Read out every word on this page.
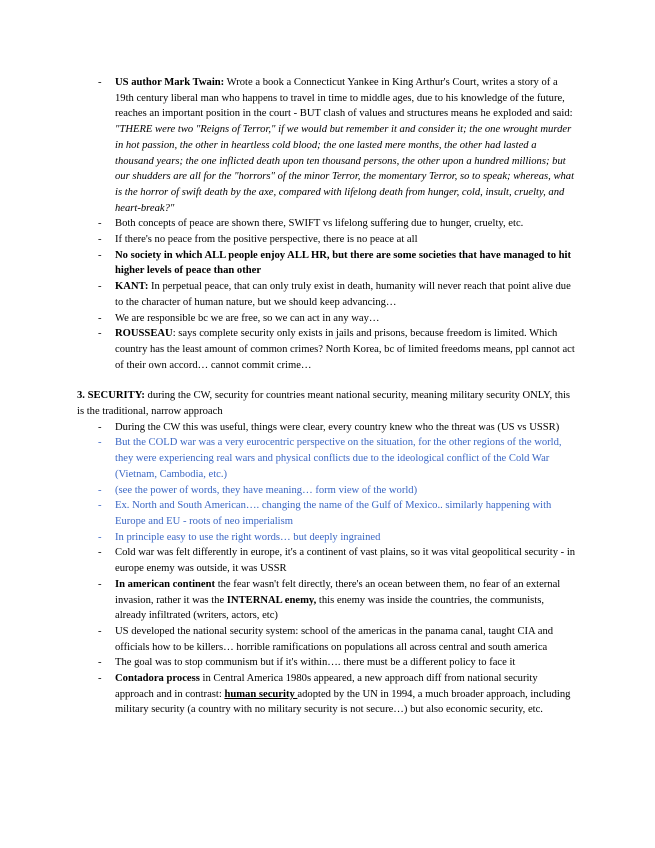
- US author Mark Twain: Wrote a book a Connecticut Yankee in King Arthur's Court, writes a story of a 19th century liberal man who happens to travel in time to middle ages, due to his knowledge of the future, reaches an important position in the court - BUT clash of values and structures means he exploded and said: "THERE were two "Reigns of Terror," if we would but remember it and consider it; the one wrought murder in hot passion, the other in heartless cold blood; the one lasted mere months, the other had lasted a thousand years; the one inflicted death upon ten thousand persons, the other upon a hundred millions; but our shudders are all for the "horrors" of the minor Terror, the momentary Terror, so to speak; whereas, what is the horror of swift death by the axe, compared with lifelong death from hunger, cold, insult, cruelty, and heart-break?"
- Both concepts of peace are shown there, SWIFT vs lifelong suffering due to hunger, cruelty, etc.
- If there's no peace from the positive perspective, there is no peace at all
- No society in which ALL people enjoy ALL HR, but there are some societies that have managed to hit higher levels of peace than other
- KANT: In perpetual peace, that can only truly exist in death, humanity will never reach that point alive due to the character of human nature, but we should keep advancing…
- We are responsible bc we are free, so we can act in any way…
- ROUSSEAU: says complete security only exists in jails and prisons, because freedom is limited. Which country has the least amount of common crimes? North Korea, bc of limited freedoms means, ppl cannot act of their own accord… cannot commit crime…
3. SECURITY: during the CW, security for countries meant national security, meaning military security ONLY, this is the traditional, narrow approach
- During the CW this was useful, things were clear, every country knew who the threat was (US vs USSR)
- But the COLD war was a very eurocentric perspective on the situation, for the other regions of the world, they were experiencing real wars and physical conflicts due to the ideological conflict of the Cold War (Vietnam, Cambodia, etc.)
- (see the power of words, they have meaning… form view of the world)
- Ex. North and South American…. changing the name of the Gulf of Mexico.. similarly happening with Europe and EU - roots of neo imperialism
- In principle easy to use the right words… but deeply ingrained
- Cold war was felt differently in europe, it's a continent of vast plains, so it was vital geopolitical security - in europe enemy was outside, it was USSR
- In american continent the fear wasn't felt directly, there's an ocean between them, no fear of an external invasion, rather it was the INTERNAL enemy, this enemy was inside the countries, the communists, already infiltrated (writers, actors, etc)
- US developed the national security system: school of the americas in the panama canal, taught CIA and officials how to be killers… horrible ramifications on populations all across central and south america
- The goal was to stop communism but if it's within…. there must be a different policy to face it
- Contadora process in Central America 1980s appeared, a new approach diff from national security approach and in contrast: human security adopted by the UN in 1994, a much broader approach, including military security (a country with no military security is not secure…) but also economic security, etc.
